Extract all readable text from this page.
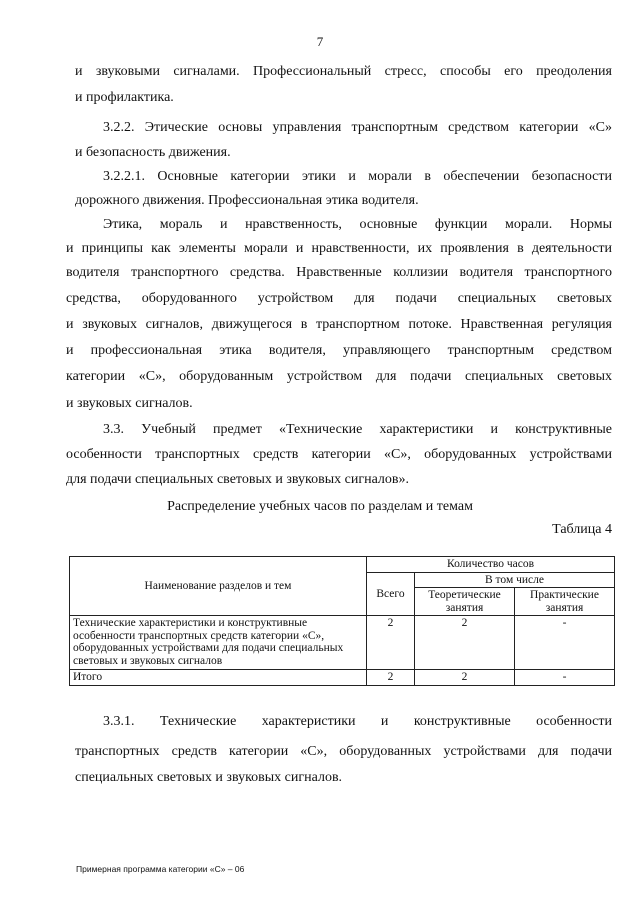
7

и звуковыми сигналами. Профессиональный стресс, способы его преодоления

и профилактика.

3.2.2. Этические основы управления транспортным средством категории «С»

и безопасность движения.

3.2.2.1. Основные категории этики и морали в обеспечении безопасности

дорожного движения. Профессиональная этика водителя.

Этика, мораль и нравственность, основные функции морали. Нормы

и принципы как элементы морали и нравственности, их проявления в деятельности

водителя транспортного средства. Нравственные коллизии водителя транспортного

средства, оборудованного устройством для подачи специальных световых

и звуковых сигналов, движущегося в транспортном потоке. Нравственная регуляция

и профессиональная этика водителя, управляющего транспортным средством

категории «С», оборудованным устройством для подачи специальных световых

и звуковых сигналов.

3.3. Учебный предмет «Технические характеристики и конструктивные

особенности транспортных средств категории «С», оборудованных устройствами

для подачи специальных световых и звуковых сигналов».

Распределение учебных часов по разделам и темам
Таблица 4
Наименование разделов и тем	Количество часов		
	Всего	В том числе	
		Теоретические занятия	Практические занятия
Технические характеристики и конструктивные особенности транспортных средств категории «С», оборудованных устройствами для подачи специальных световых и звуковых сигналов	2	2	-
Итого	2	2	-

3.3.1. Технические характеристики и конструктивные особенности

транспортных средств категории «С», оборудованных устройствами для подачи

специальных световых и звуковых сигналов.

Примерная программа категории «С» – 06
